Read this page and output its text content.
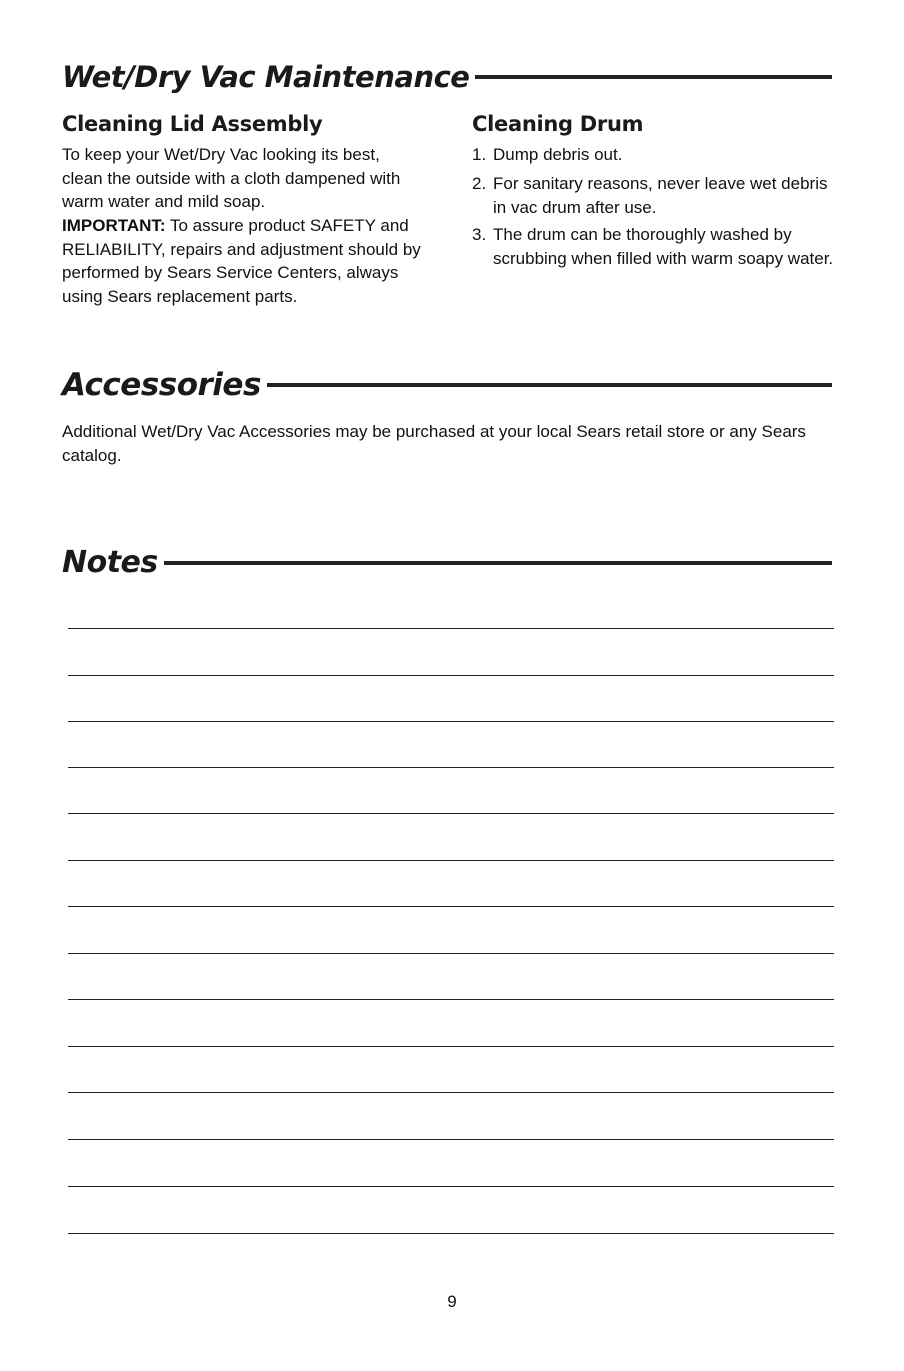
Wet/Dry Vac Maintenance
Cleaning Lid Assembly
To keep your Wet/Dry Vac looking its best, clean the outside with a cloth dampened with warm water and mild soap.
IMPORTANT: To assure product SAFETY and RELIABILITY, repairs and adjustment should by performed by Sears Service Centers, always using Sears replacement parts.
Cleaning Drum
1. Dump debris out.
2. For sanitary reasons, never leave wet debris in vac drum after use.
3. The drum can be thoroughly washed by scrubbing when filled with warm soapy water.
Accessories
Additional Wet/Dry Vac Accessories may be purchased at your local Sears retail store or any Sears catalog.
Notes
9
